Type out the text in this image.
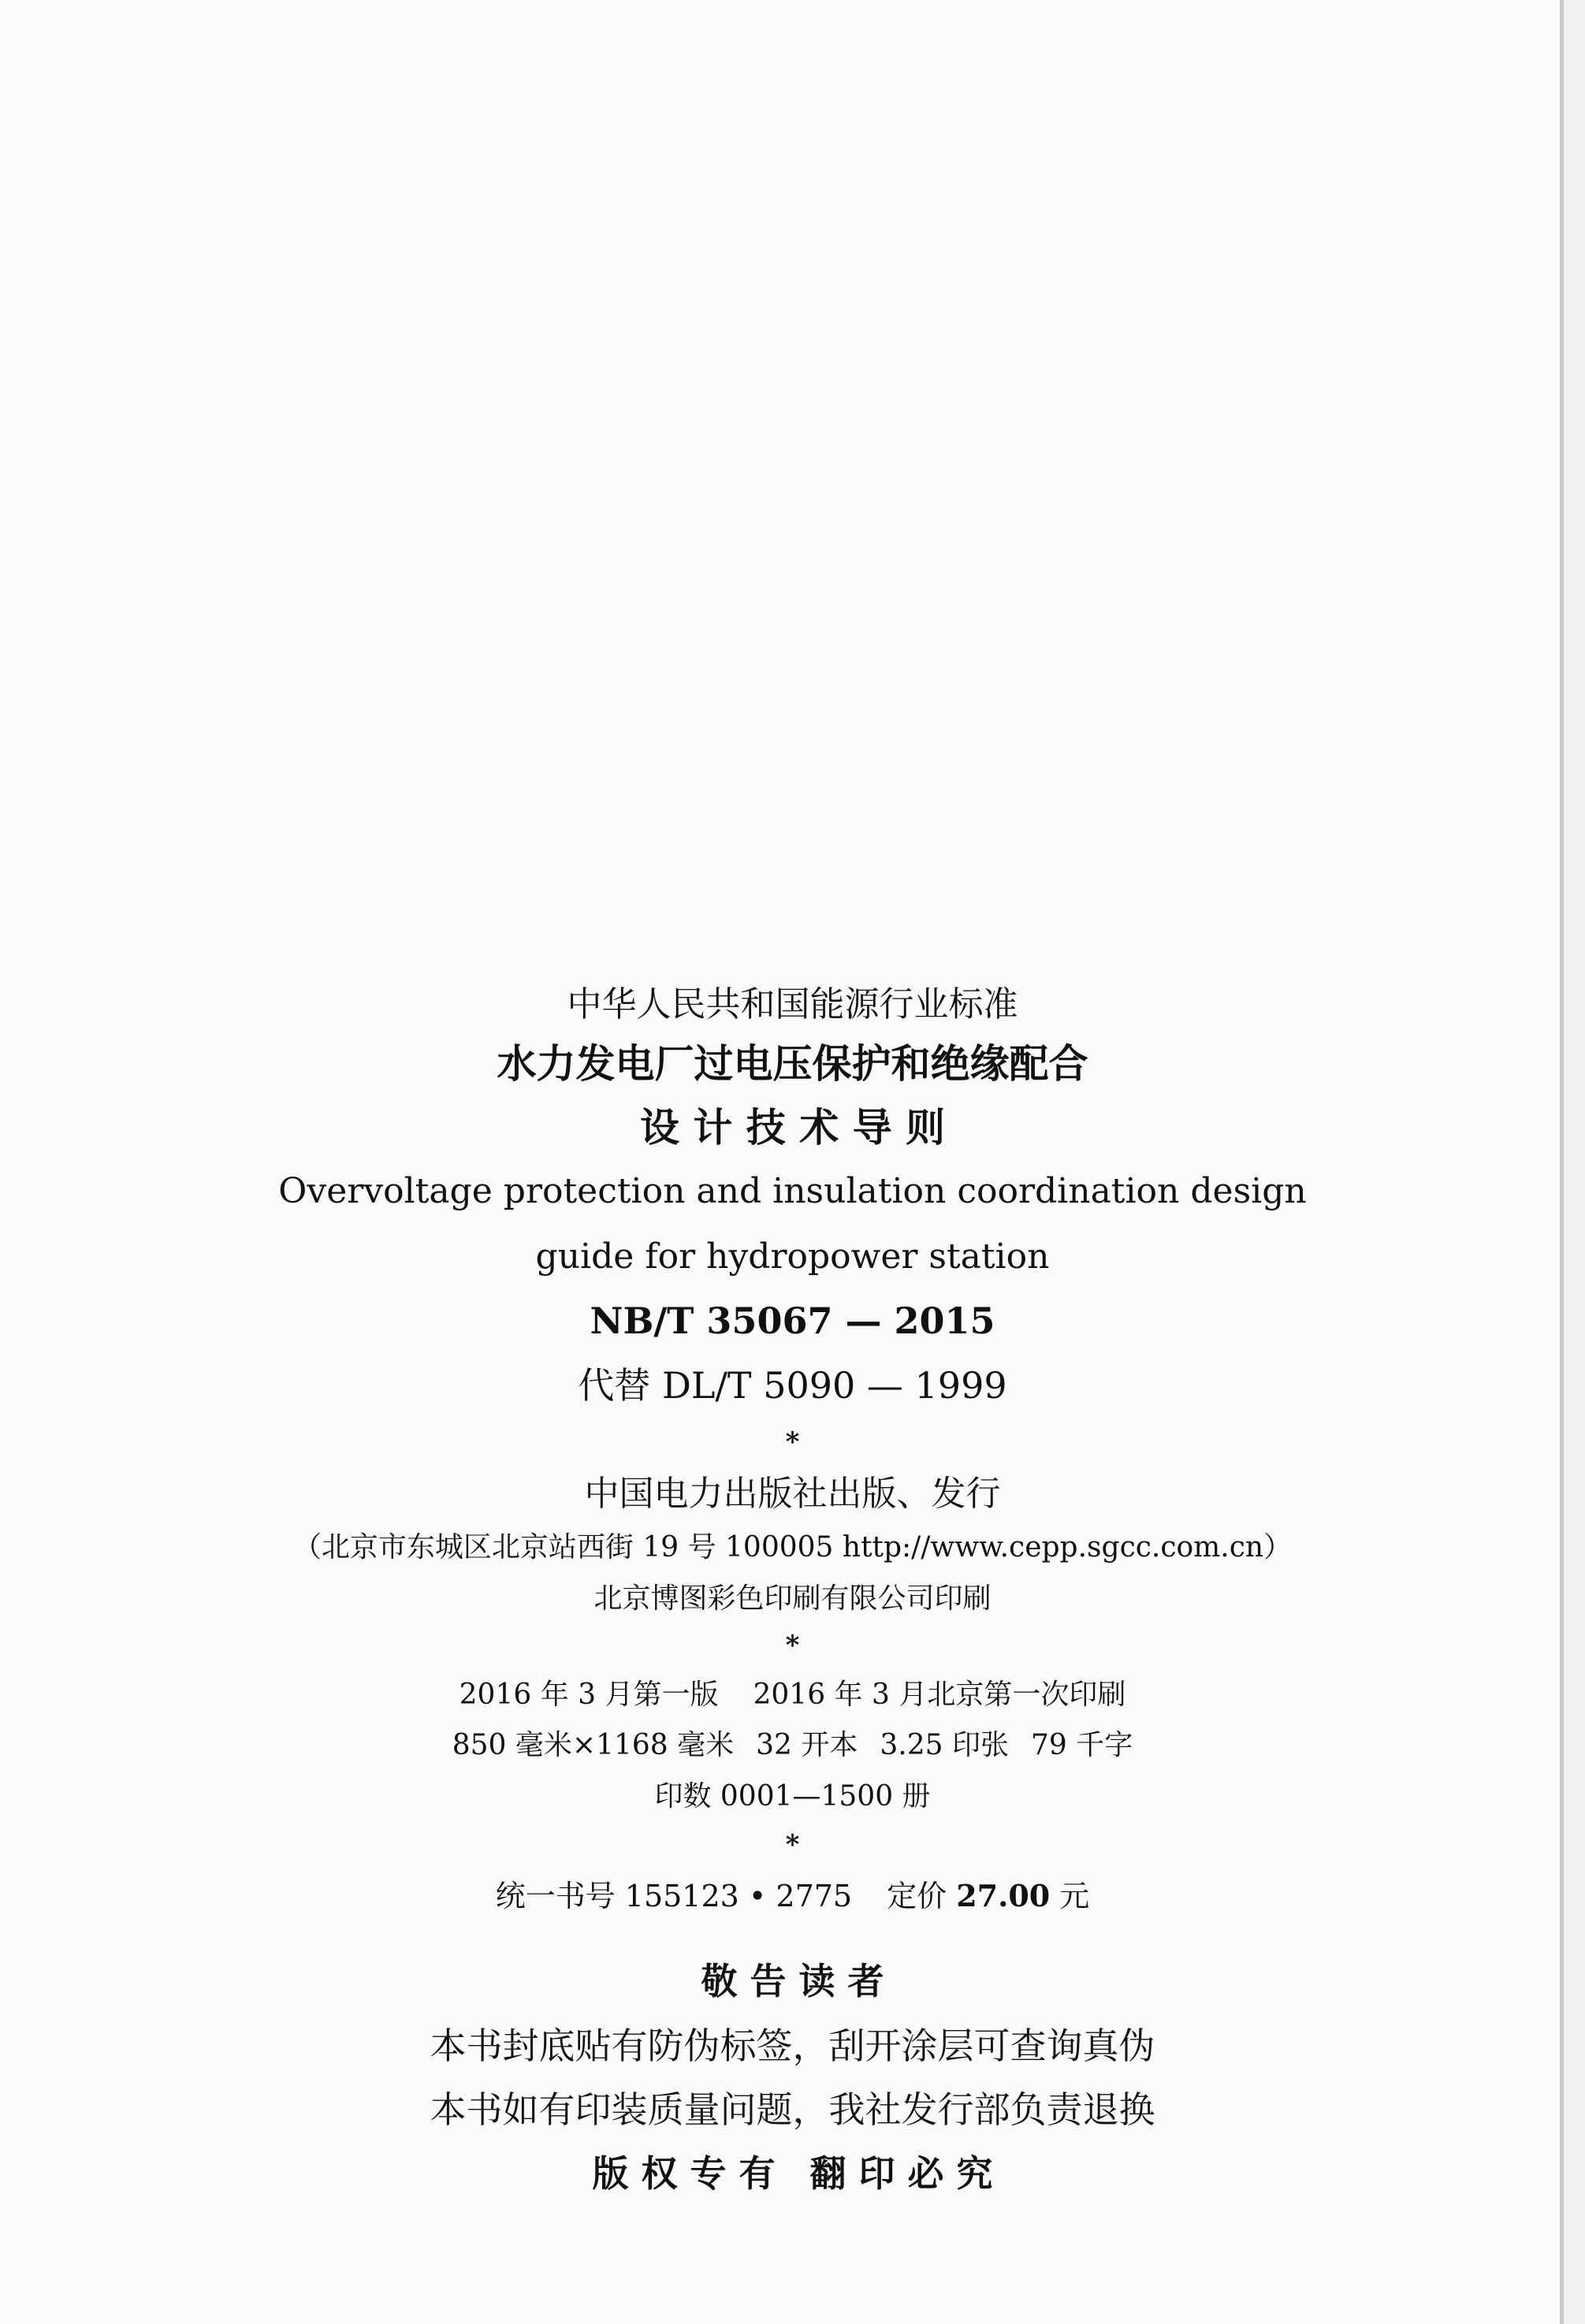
中华人民共和国能源行业标准
水力发电厂过电压保护和绝缘配合
设 计 技 术 导 则
Overvoltage protection and insulation coordination design
guide for hydropower station
NB/T 35067 — 2015
代替 DL/T 5090 — 1999
*
中国电力出版社出版、发行
（北京市东城区北京站西街 19 号 100005 http://www.cepp.sgcc.com.cn）
北京博图彩色印刷有限公司印刷
*
2016 年 3 月第一版 2016 年 3 月北京第一次印刷
850 毫米×1168 毫米 32 开本 3.25 印张 79 千字
印数 0001—1500 册
*
统一书号 155123 • 2775 定价 27.00 元
敬 告 读 者
本书封底贴有防伪标签，刮开涂层可查询真伪
本书如有印装质量问题，我社发行部负责退换
版 权 专 有 翻 印 必 究
